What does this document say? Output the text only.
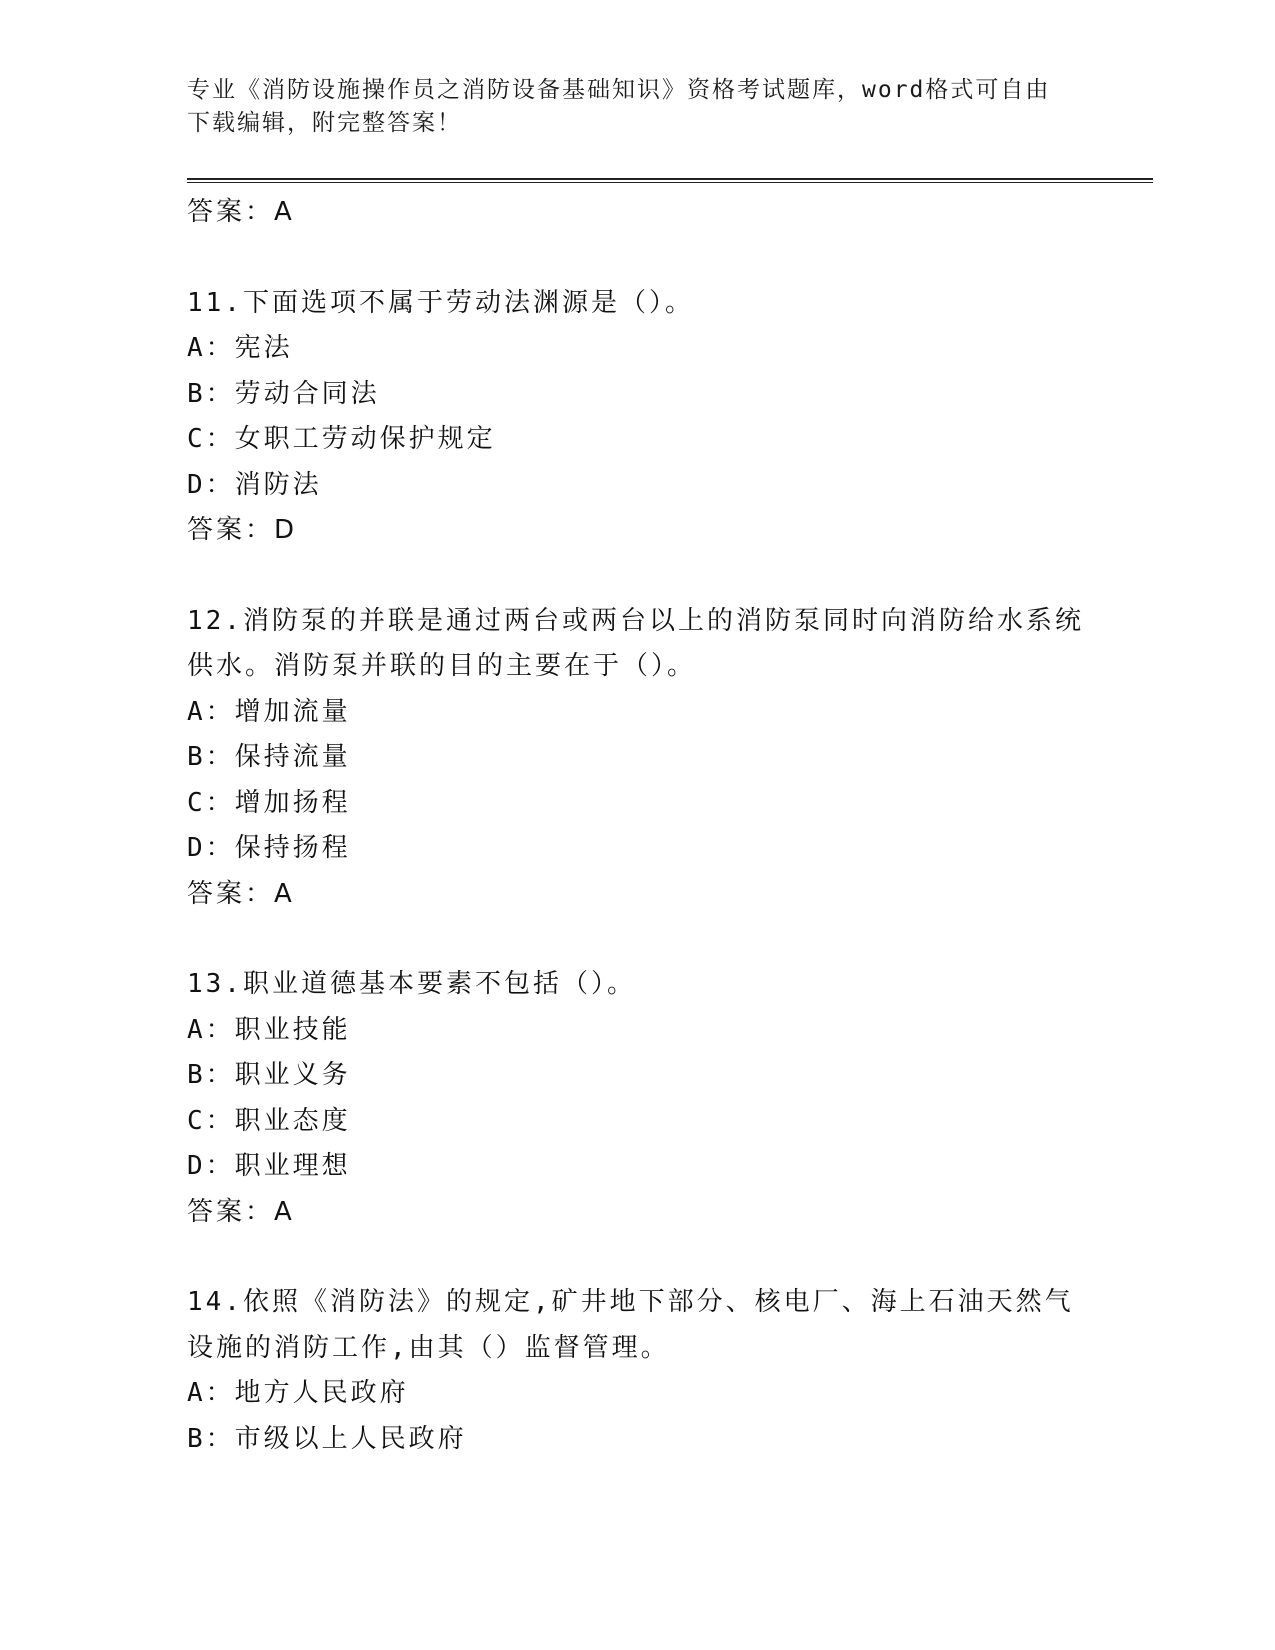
专业《消防设施操作员之消防设备基础知识》资格考试题库，word格式可自由下载编辑，附完整答案！
答案：A
11.下面选项不属于劳动法渊源是（）。
A：宪法
B：劳动合同法
C：女职工劳动保护规定
D：消防法
答案：D
12.消防泵的并联是通过两台或两台以上的消防泵同时向消防给水系统供水。消防泵并联的目的主要在于（）。
A：增加流量
B：保持流量
C：增加扬程
D：保持扬程
答案：A
13.职业道德基本要素不包括（）。
A：职业技能
B：职业义务
C：职业态度
D：职业理想
答案：A
14.依照《消防法》的规定,矿井地下部分、核电厂、海上石油天然气设施的消防工作,由其（）监督管理。
A：地方人民政府
B：市级以上人民政府
